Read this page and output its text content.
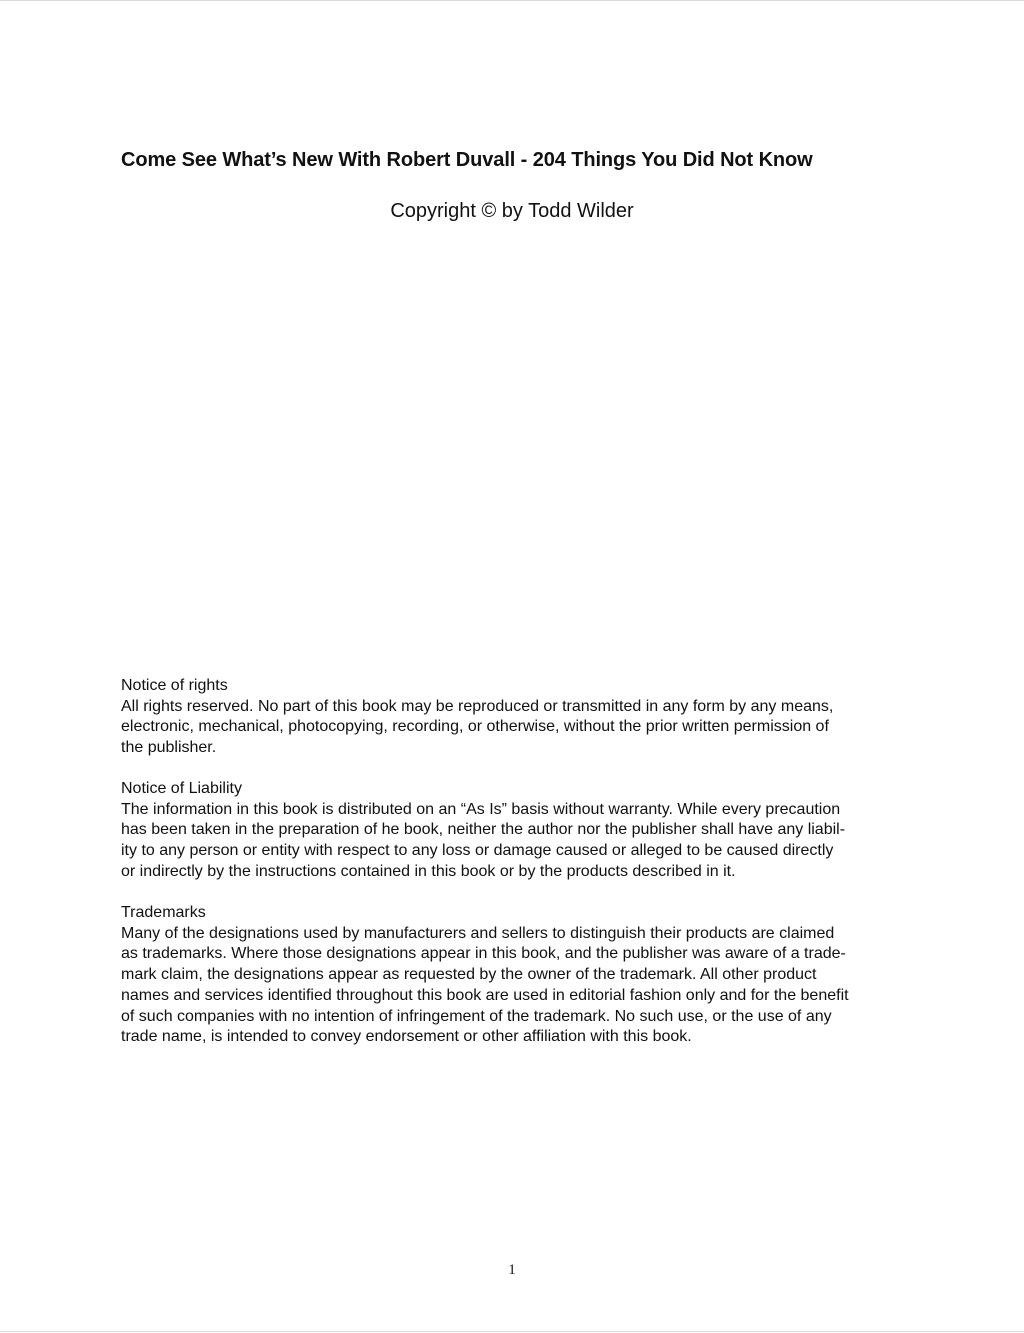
Come See What’s New With Robert Duvall - 204 Things You Did Not Know
Copyright © by Todd Wilder
Notice of rights
All rights reserved. No part of this book may be reproduced or transmitted in any form by any means,
electronic, mechanical, photocopying, recording, or otherwise, without the prior written permission of
the publisher.
Notice of Liability
The information in this book is distributed on an “As Is” basis without warranty. While every precaution
has been taken in the preparation of he book, neither the author nor the publisher shall have any liabil-
ity to any person or entity with respect to any loss or damage caused or alleged to be caused directly
or indirectly by the instructions contained in this book or by the products described in it.
Trademarks
Many of the designations used by manufacturers and sellers to distinguish their products are claimed
as trademarks. Where those designations appear in this book, and the publisher was aware of a trade-
mark claim, the designations appear as requested by the owner of the trademark. All other product
names and services identified throughout this book are used in editorial fashion only and for the benefit
of such companies with no intention of infringement of the trademark. No such use, or the use of any
trade name, is intended to convey endorsement or other affiliation with this book.
1
